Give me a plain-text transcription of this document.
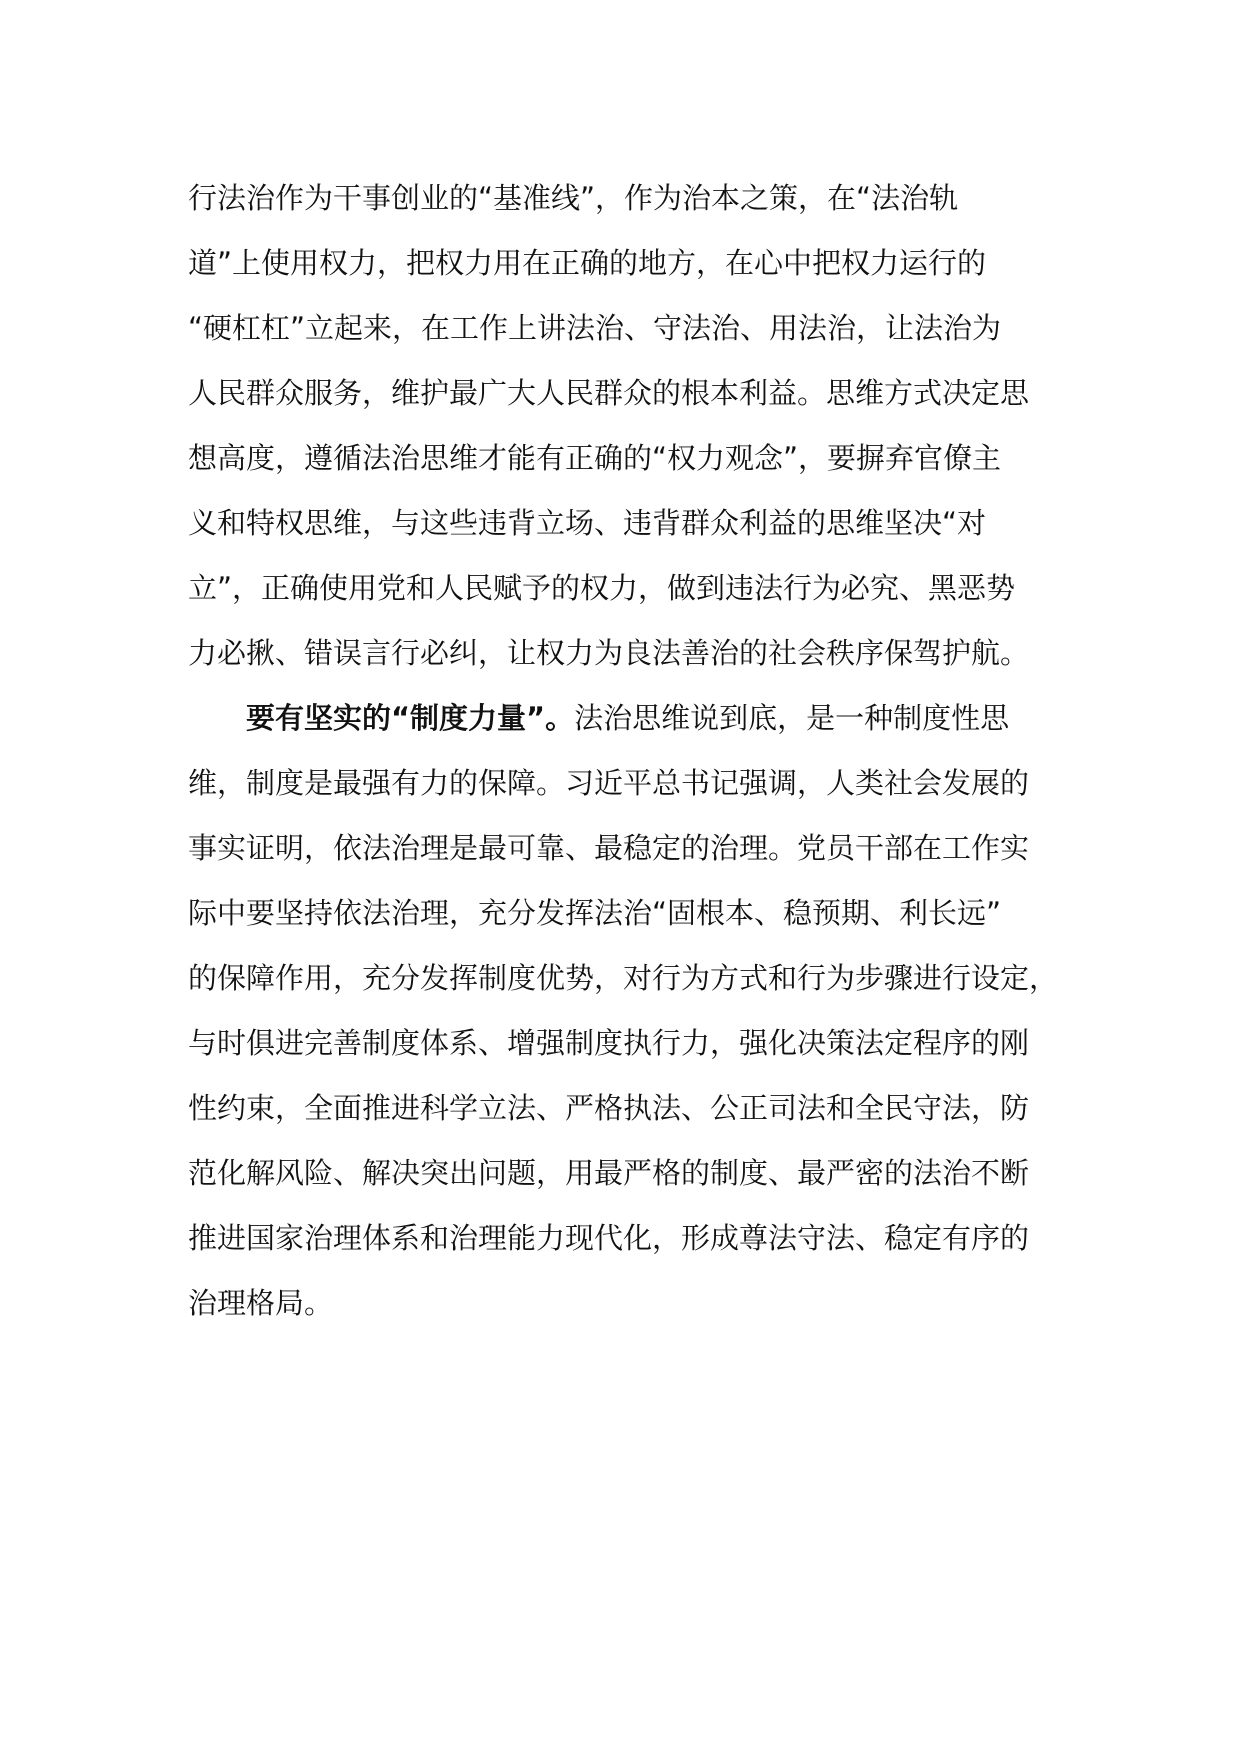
行法治作为干事创业的“基准线”，作为治本之策，在“法治轨
道”上使用权力，把权力用在正确的地方，在心中把权力运行的
“硬杠杠”立起来，在工作上讲法治、守法治、用法治，让法治为
人民群众服务，维护最广大人民群众的根本利益。思维方式决定思
想高度，遵循法治思维才能有正确的“权力观念”，要摒弃官僚主
义和特权思维，与这些违背立场、违背群众利益的思维坚决“对
立”，正确使用党和人民赋予的权力，做到违法行为必究、黑恶势
力必揪、错误言行必纠，让权力为良法善治的社会秩序保驾护航。
要有坚实的“制度力量”。法治思维说到底，是一种制度性思
维，制度是最强有力的保障。习近平总书记强调，人类社会发展的
事实证明，依法治理是最可靠、最稳定的治理。党员干部在工作实
际中要坚持依法治理，充分发挥法治“固根本、稳预期、利长远”
的保障作用，充分发挥制度优势，对行为方式和行为步骤进行设定，
与时俱进完善制度体系、增强制度执行力，强化决策法定程序的刚
性约束，全面推进科学立法、严格执法、公正司法和全民守法，防
范化解风险、解决突出问题，用最严格的制度、最严密的法治不断
推进国家治理体系和治理能力现代化，形成尊法守法、稳定有序的
治理格局。
